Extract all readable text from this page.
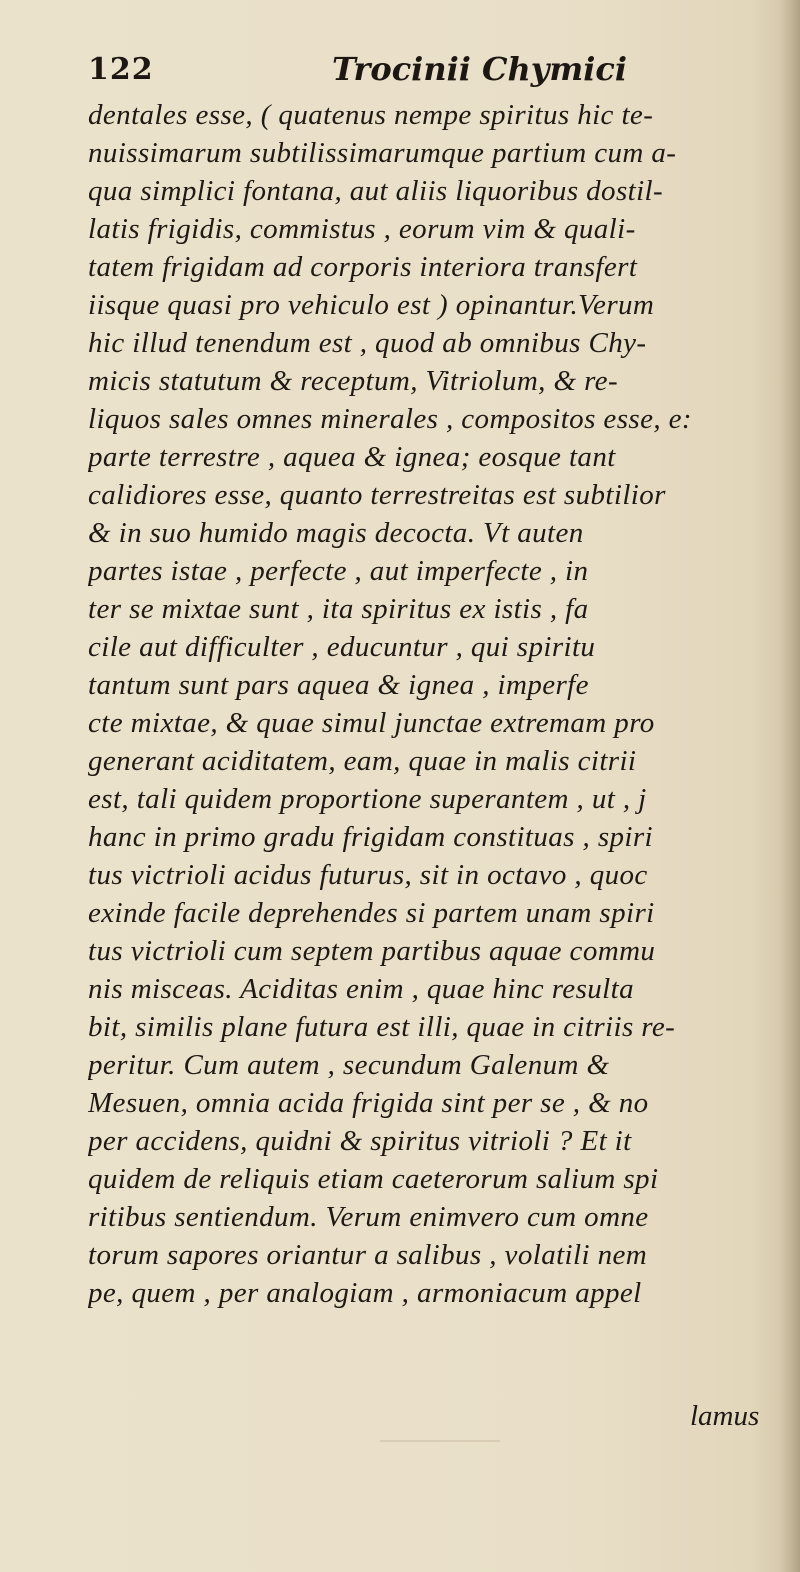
122	Trocinii Chymici
dentales esse, ( quatenus nempe spiritus hic te-
nuissimarum subtilissimarumque partium cum a-
qua simplici fontana, aut aliis liquoribus dostil-
latis frigidis, commistus , eorum vim & quali-
tatem frigidam ad corporis interiora transfert
iisque quasi pro vehiculo est ) opinantur.Verum
hic illud tenendum est , quod ab omnibus Chy-
micis statutum & receptum, Vitriolum, & re-
liquos sales omnes minerales , compositos esse, e:
parte terrestre , aquea & ignea; eosque tant
calidiores esse, quanto terrestreitas est subtilior
& in suo humido magis decocta. Vt auten
partes istae , perfecte , aut imperfecte , in
ter se mixtae sunt , ita spiritus ex istis , fa
cile aut difficulter , educuntur , qui spiritu
tantum sunt pars aquea & ignea , imperfe
cte mixtae, & quae simul junctae extremam pro
generant aciditatem, eam, quae in malis citrii
est, tali quidem proportione superantem , ut , j
hanc in primo gradu frigidam constituas , spiri
tus victrioli acidus futurus, sit in octavo , quoc
exinde facile deprehendes si partem unam spiri
tus victrioli cum septem partibus aquae commu
nis misceas. Aciditas enim , quae hinc resulta
bit, similis plane futura est illi, quae in citriis re-
peritur. Cum autem , secundum Galenum &
Mesuen, omnia acida frigida sint per se , & no
per accidens, quidni & spiritus vitrioli ? Et it
quidem de reliquis etiam caeterorum salium spi
ritibus sentiendum. Verum enimvero cum omne
torum sapores oriantur a salibus , volatili nem
pe, quem , per analogiam , armoniacum appel
lamus
